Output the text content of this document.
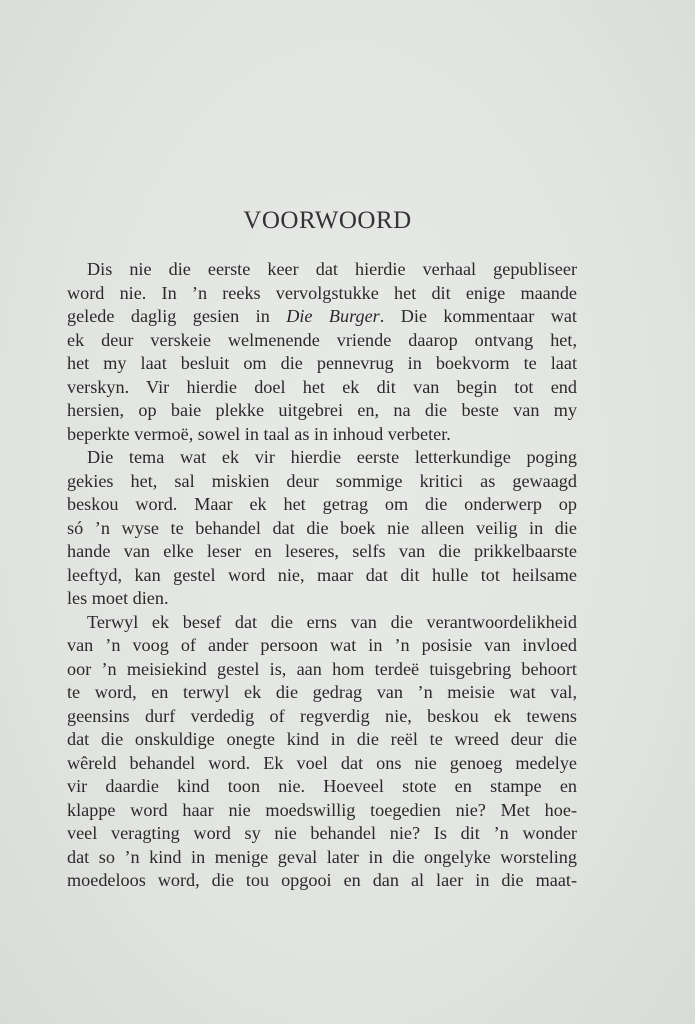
VOORWOORD
Dis nie die eerste keer dat hierdie verhaal gepubliseer
word nie. In ’n reeks vervolgstukke het dit enige maande
gelede daglig gesien in Die Burger. Die kommentaar wat
ek deur verskeie welmenende vriende daarop ontvang het,
het my laat besluit om die pennevrug in boekvorm te laat
verskyn. Vir hierdie doel het ek dit van begin tot end
hersien, op baie plekke uitgebrei en, na die beste van my
beperkte vermoë, sowel in taal as in inhoud verbeter.
Die tema wat ek vir hierdie eerste letterkundige poging
gekies het, sal miskien deur sommige kritici as gewaagd
beskou word. Maar ek het getrag om die onderwerp op
só ’n wyse te behandel dat die boek nie alleen veilig in die
hande van elke leser en leseres, selfs van die prikkelbaarste
leeftyd, kan gestel word nie, maar dat dit hulle tot heilsame
les moet dien.
Terwyl ek besef dat die erns van die verantwoordelikheid
van ’n voog of ander persoon wat in ’n posisie van invloed
oor ’n meisiekind gestel is, aan hom terdeë tuisgebring behoort
te word, en terwyl ek die gedrag van ’n meisie wat val,
geensins durf verdedig of regverdig nie, beskou ek tewens
dat die onskuldige onegte kind in die reël te wreed deur die
wêreld behandel word. Ek voel dat ons nie genoeg medelye
vir daardie kind toon nie. Hoeveel stote en stampe en
klappe word haar nie moedswillig toegedien nie? Met hoe-
veel veragting word sy nie behandel nie? Is dit ’n wonder
dat so ’n kind in menige geval later in die ongelyke worsteling
moedeloos word, die tou opgooi en dan al laer in die maat-
